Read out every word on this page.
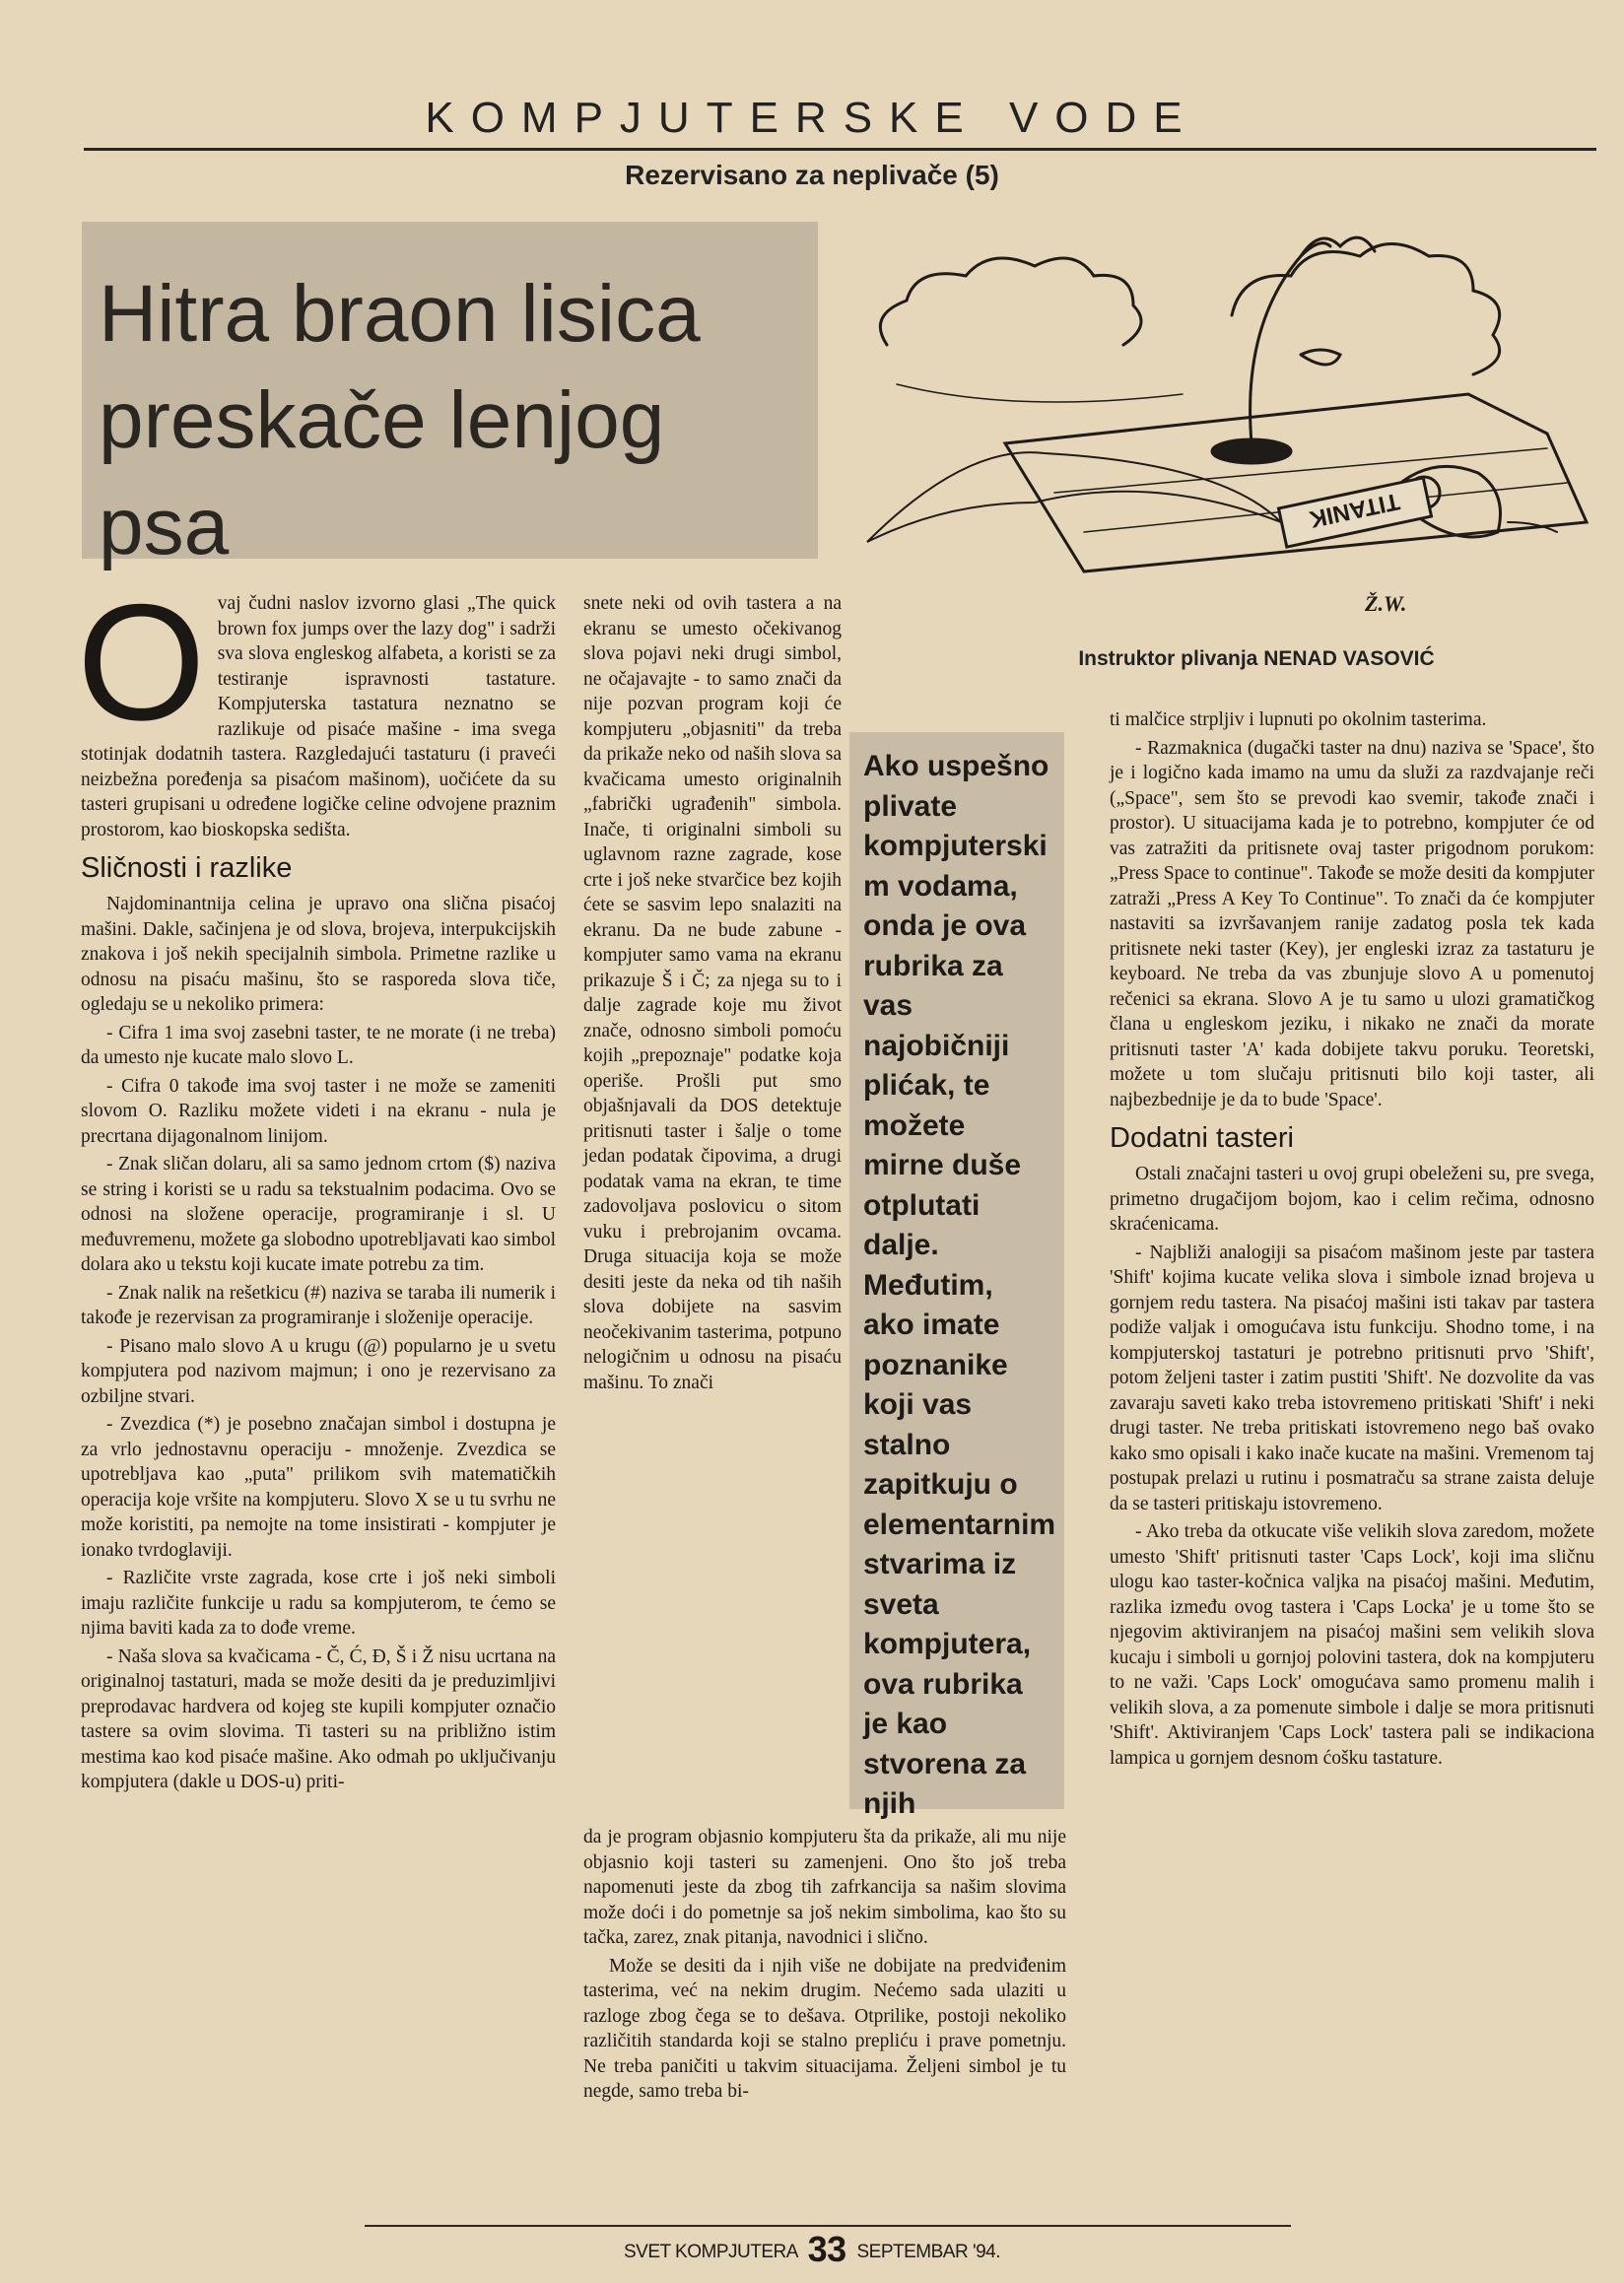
KOMPJUTERSKE VODE
Rezervisano za neplivače (5)
Hitra braon lisica
preskače lenjog psa	TITANIK
Ž.W.
Instruktor plivanja NENAD VASOVIĆ
O vaj čudni naslov izvorno glasi „The quick brown fox jumps over the lazy dog" i sadrži sva slova engleskog alfabeta, a koristi se za testiranje ispravnosti tastature. Kompjuterska tastatura neznatno se razlikuje od pisaće mašine - ima svega stotinjak dodatnih tastera. Razgledajući tastaturu (i praveći neizbežna poređenja sa pisaćom mašinom), uočićete da su tasteri grupisani u određene logičke celine odvojene praznim prostorom, kao bioskopska sedišta.

Sličnosti i razlike

Najdominantnija celina je upravo ona slična pisaćoj mašini. Dakle, sačinjena je od slova, brojeva, interpukcijskih znakova i još nekih specijalnih simbola. Primetne razlike u odnosu na pisaću mašinu, što se rasporeda slova tiče, ogledaju se u nekoliko primera:

- Cifra 1 ima svoj zasebni taster, te ne morate (i ne treba) da umesto nje kucate malo slovo L.

- Cifra 0 takođe ima svoj taster i ne može se zameniti slovom O. Razliku možete videti i na ekranu - nula je precrtana dijagonalnom linijom.

- Znak sličan dolaru, ali sa samo jednom crtom ($) naziva se string i koristi se u radu sa tekstualnim podacima. Ovo se odnosi na složene operacije, programiranje i sl. U međuvremenu, možete ga slobodno upotrebljavati kao simbol dolara ako u tekstu koji kucate imate potrebu za tim.

- Znak nalik na rešetkicu (#) naziva se taraba ili numerik i takođe je rezervisan za programiranje i složenije operacije.

- Pisano malo slovo A u krugu (@) popularno je u svetu kompjutera pod nazivom majmun; i ono je rezervisano za ozbiljne stvari.

- Zvezdica (*) je posebno značajan simbol i dostupna je za vrlo jednostavnu operaciju - množenje. Zvezdica se upotrebljava kao „puta" prilikom svih matematičkih operacija koje vršite na kompjuteru. Slovo X se u tu svrhu ne može koristiti, pa nemojte na tome insistirati - kompjuter je ionako tvrdoglaviji.

- Različite vrste zagrada, kose crte i još neki simboli imaju različite funkcije u radu sa kompjuterom, te ćemo se njima baviti kada za to dođe vreme.

- Naša slova sa kvačicama - Č, Ć, Đ, Š i Ž nisu ucrtana na originalnoj tastaturi, mada se može desiti da je preduzimljivi preprodavac hardvera od kojeg ste kupili kompjuter označio tastere sa ovim slovima. Ti tasteri su na približno istim mestima kao kod pisaće mašine. Ako odmah po uključivanju kompjutera (dakle u DOS-u) priti-

snete neki od ovih tastera a na ekranu se umesto očekivanog slova pojavi neki drugi simbol, ne očajavajte - to samo znači da nije pozvan program koji će kompjuteru „objasniti" da treba da prikaže neko od naših slova sa kvačicama umesto originalnih „fabrički ugrađenih" simbola. Inače, ti originalni simboli su uglavnom razne zagrade, kose crte i još neke stvarčice bez kojih ćete se sasvim lepo snalaziti na ekranu. Da ne bude zabune - kompjuter samo vama na ekranu prikazuje Š i Č; za njega su to i dalje zagrade koje mu život znače, odnosno simboli pomoću kojih „prepoznaje" podatke koja operiše. Prošli put smo objašnjavali da DOS detektuje pritisnuti taster i šalje o tome jedan podatak čipovima, a drugi podatak vama na ekran, te time zadovoljava poslovicu o sitom vuku i prebrojanim ovcama. Druga situacija koja se može desiti jeste da neka od tih naših slova dobijete na sasvim neočekivanim tasterima, potpuno nelogičnim u odnosu na pisaću mašinu. To znači

da je program objasnio kompjuteru šta da prikaže, ali mu nije objasnio koji tasteri su zamenjeni. Ono što još treba napomenuti jeste da zbog tih zafrkancija sa našim slovima može doći i do pometnje sa još nekim simbolima, kao što su tačka, zarez, znak pitanja, navodnici i slično.

Može se desiti da i njih više ne dobijate na predviđenim tasterima, već na nekim drugim. Nećemo sada ulaziti u razloge zbog čega se to dešava. Otprilike, postoji nekoliko različitih standarda koji se stalno prepliću i prave pometnju. Ne treba paničiti u takvim situacijama. Željeni simbol je tu negde, samo treba bi-

Ako uspešno plivate kompjuterski m vodama, onda je ova rubrika za vas najobičniji plićak, te možete mirne duše otplutati dalje. Međutim, ako imate poznanike koji vas stalno zapitkuju o elementarnim stvarima iz sveta kompjutera, ova rubrika je kao stvorena za njih

ti malčice strpljiv i lupnuti po okolnim tasterima.

- Razmaknica (dugački taster na dnu) naziva se 'Space', što je i logično kada imamo na umu da služi za razdvajanje reči („Space", sem što se prevodi kao svemir, takođe znači i prostor). U situacijama kada je to potrebno, kompjuter će od vas zatražiti da pritisnete ovaj taster prigodnom porukom: „Press Space to continue". Takođe se može desiti da kompjuter zatraži „Press A Key To Continue". To znači da će kompjuter nastaviti sa izvršavanjem ranije zadatog posla tek kada pritisnete neki taster (Key), jer engleski izraz za tastaturu je keyboard. Ne treba da vas zbunjuje slovo A u pomenutoj rečenici sa ekrana. Slovo A je tu samo u ulozi gramatičkog člana u engleskom jeziku, i nikako ne znači da morate pritisnuti taster 'A' kada dobijete takvu poruku. Teoretski, možete u tom slučaju pritisnuti bilo koji taster, ali najbezbednije je da to bude 'Space'.

Dodatni tasteri

Ostali značajni tasteri u ovoj grupi obeleženi su, pre svega, primetno drugačijom bojom, kao i celim rečima, odnosno skraćenicama.

- Najbliži analogiji sa pisaćom mašinom jeste par tastera 'Shift' kojima kucate velika slova i simbole iznad brojeva u gornjem redu tastera. Na pisaćoj mašini isti takav par tastera podiže valjak i omogućava istu funkciju. Shodno tome, i na kompjuterskoj tastaturi je potrebno pritisnuti prvo 'Shift', potom željeni taster i zatim pustiti 'Shift'. Ne dozvolite da vas zavaraju saveti kako treba istovremeno pritiskati 'Shift' i neki drugi taster. Ne treba pritiskati istovremeno nego baš ovako kako smo opisali i kako inače kucate na mašini. Vremenom taj postupak prelazi u rutinu i posmatraču sa strane zaista deluje da se tasteri pritiskaju istovremeno.

- Ako treba da otkucate više velikih slova zaredom, možete umesto 'Shift' pritisnuti taster 'Caps Lock', koji ima sličnu ulogu kao taster-kočnica valjka na pisaćoj mašini. Međutim, razlika između ovog tastera i 'Caps Locka' je u tome što se njegovim aktiviranjem na pisaćoj mašini sem velikih slova kucaju i simboli u gornjoj polovini tastera, dok na kompjuteru to ne važi. 'Caps Lock' omogućava samo promenu malih i velikih slova, a za pomenute simbole i dalje se mora pritisnuti 'Shift'. Aktiviranjem 'Caps Lock' tastera pali se indikaciona lampica u gornjem desnom ćošku tastature.

SVET KOMPJUTERA 33 SEPTEMBAR '94.
